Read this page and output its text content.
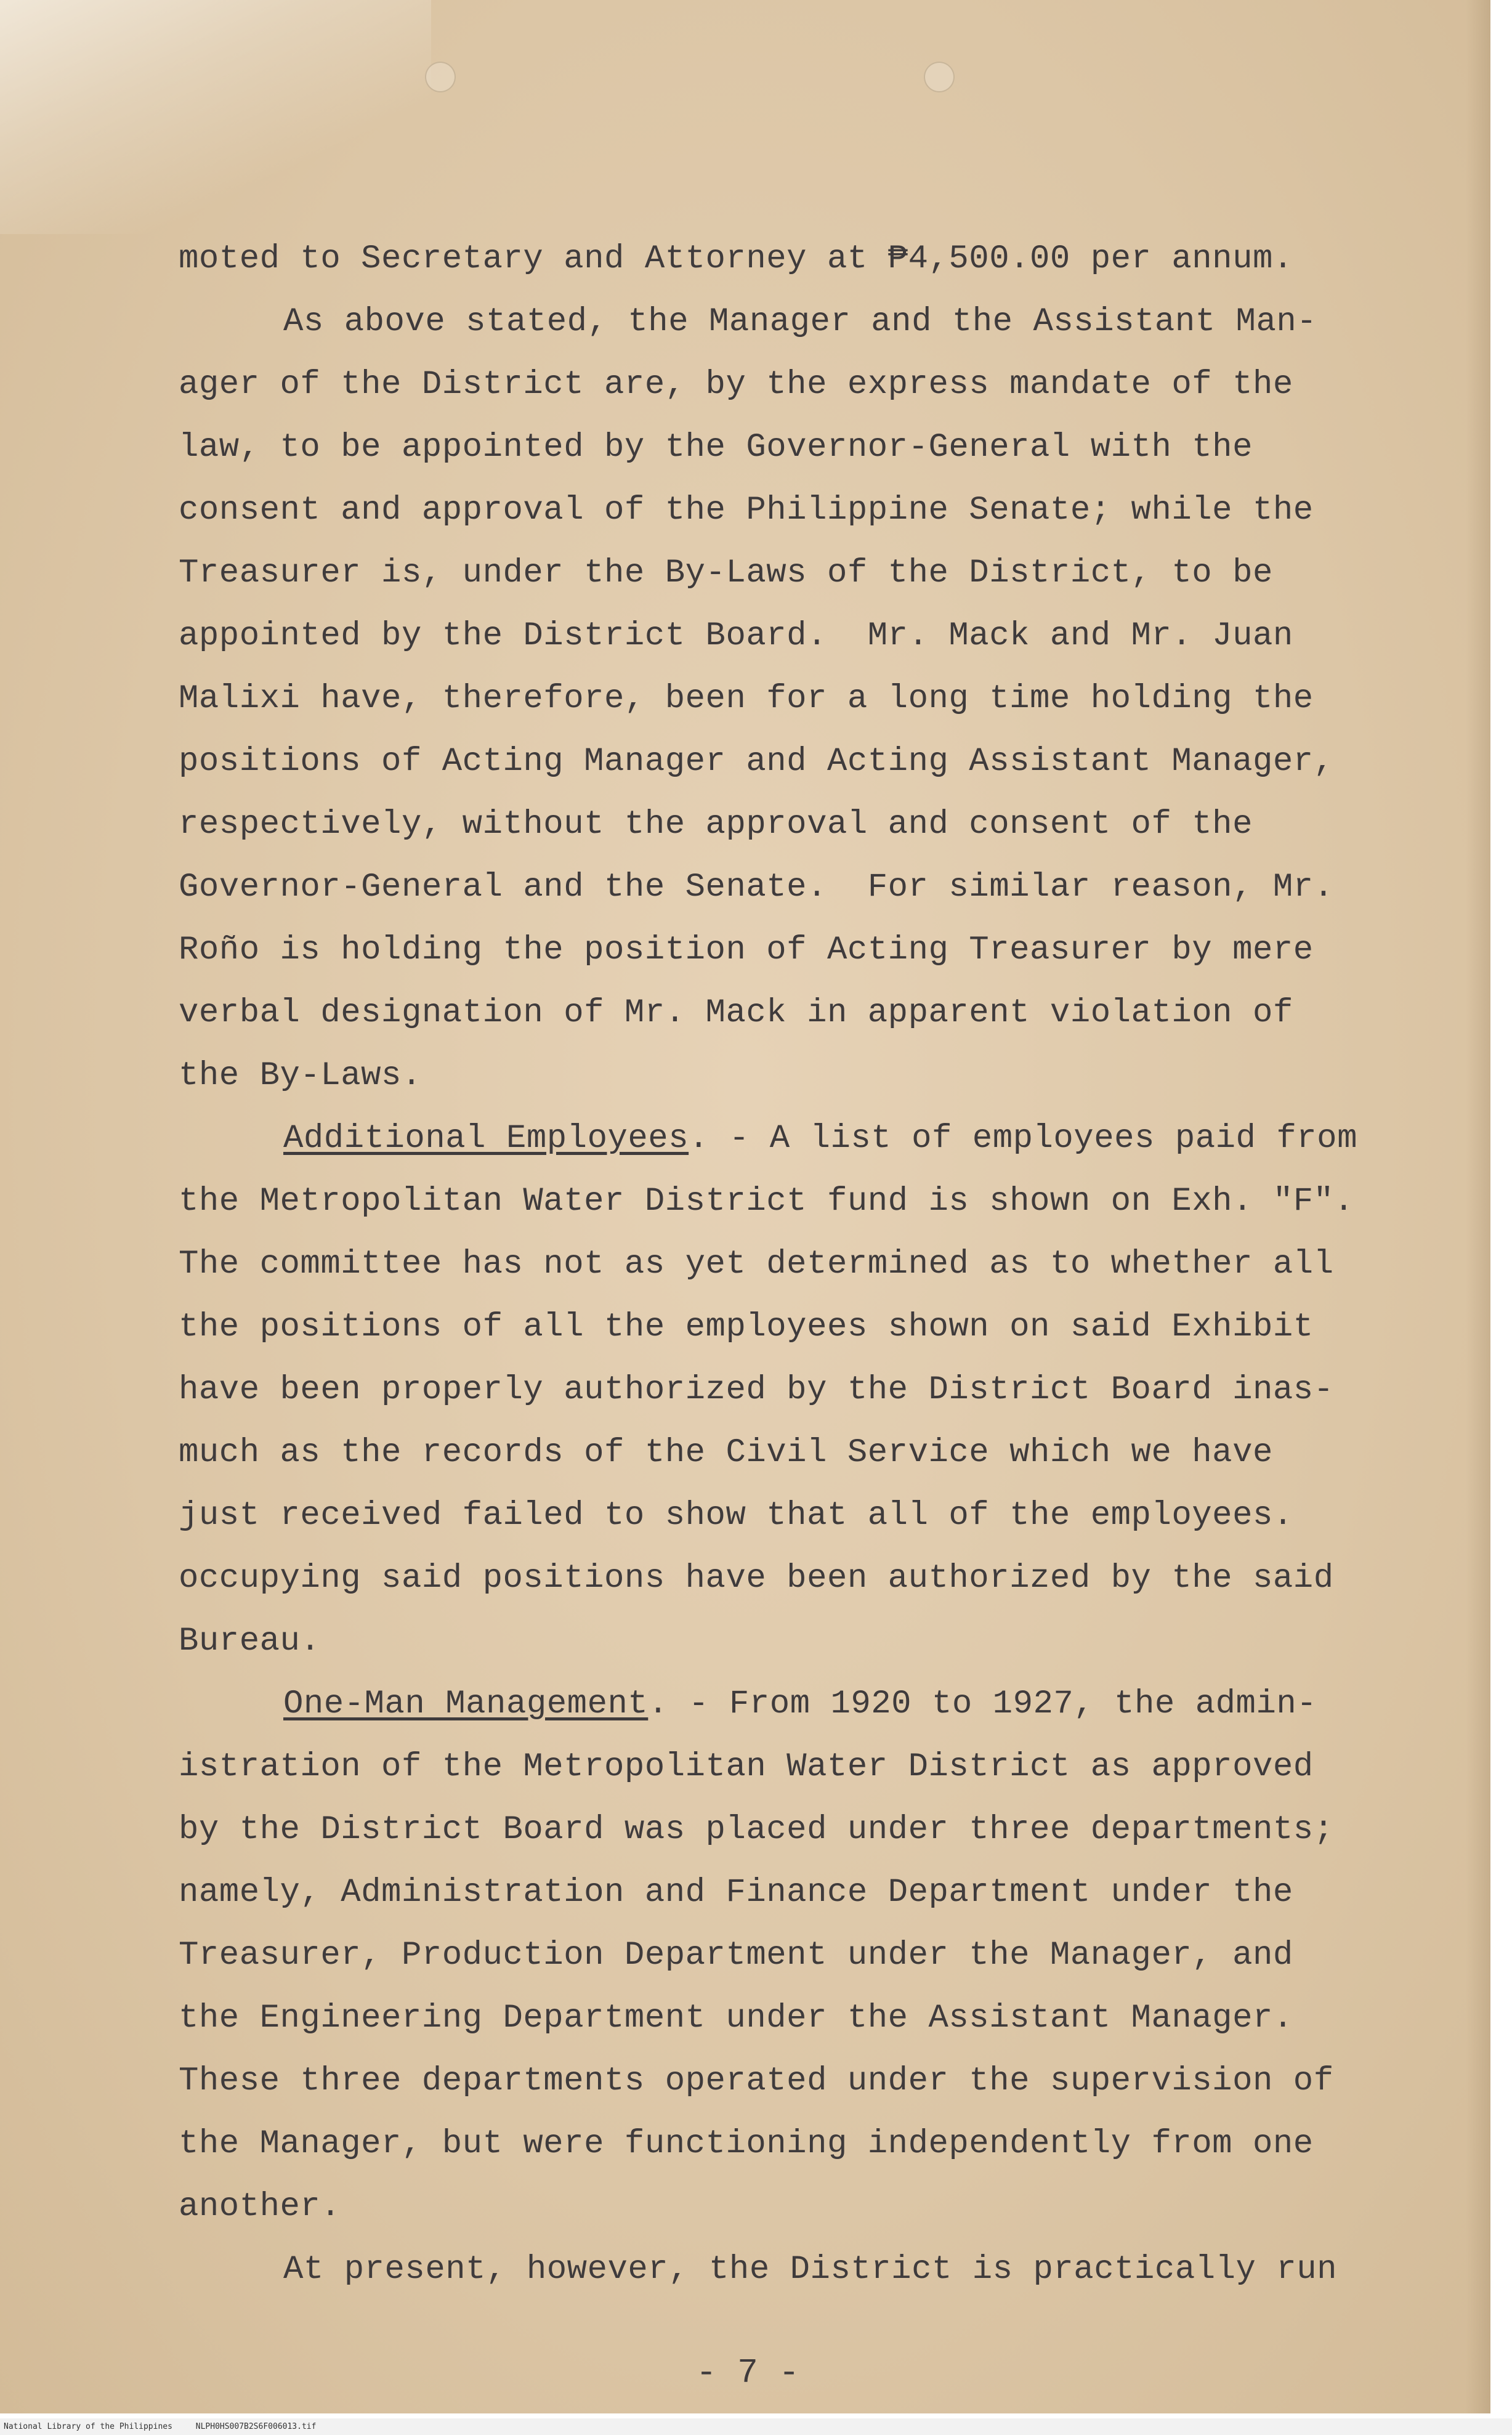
moted to Secretary and Attorney at ₱4,500.00 per annum.
As above stated, the Manager and the Assistant Man-
ager of the District are, by the express mandate of the
law, to be appointed by the Governor-General with the
consent and approval of the Philippine Senate; while the
Treasurer is, under the By-Laws of the District, to be
appointed by the District Board.  Mr. Mack and Mr. Juan
Malixi have, therefore, been for a long time holding the
positions of Acting Manager and Acting Assistant Manager,
respectively, without the approval and consent of the
Governor-General and the Senate.  For similar reason, Mr.
Roño is holding the position of Acting Treasurer by mere
verbal designation of Mr. Mack in apparent violation of
the By-Laws.
Additional Employees. - A list of employees paid from
the Metropolitan Water District fund is shown on Exh. "F".
The committee has not as yet determined as to whether all
the positions of all the employees shown on said Exhibit
have been properly authorized by the District Board inas-
much as the records of the Civil Service which we have
just received failed to show that all of the employees.
occupying said positions have been authorized by the said
Bureau.
One-Man Management. - From 1920 to 1927, the admin-
istration of the Metropolitan Water District as approved
by the District Board was placed under three departments;
namely, Administration and Finance Department under the
Treasurer, Production Department under the Manager, and
the Engineering Department under the Assistant Manager.
These three departments operated under the supervision of
the Manager, but were functioning independently from one
another.
At present, however, the District is practically run
- 7 -
National Library of the Philippines	NLPH0HS007B2S6F006013.tif
